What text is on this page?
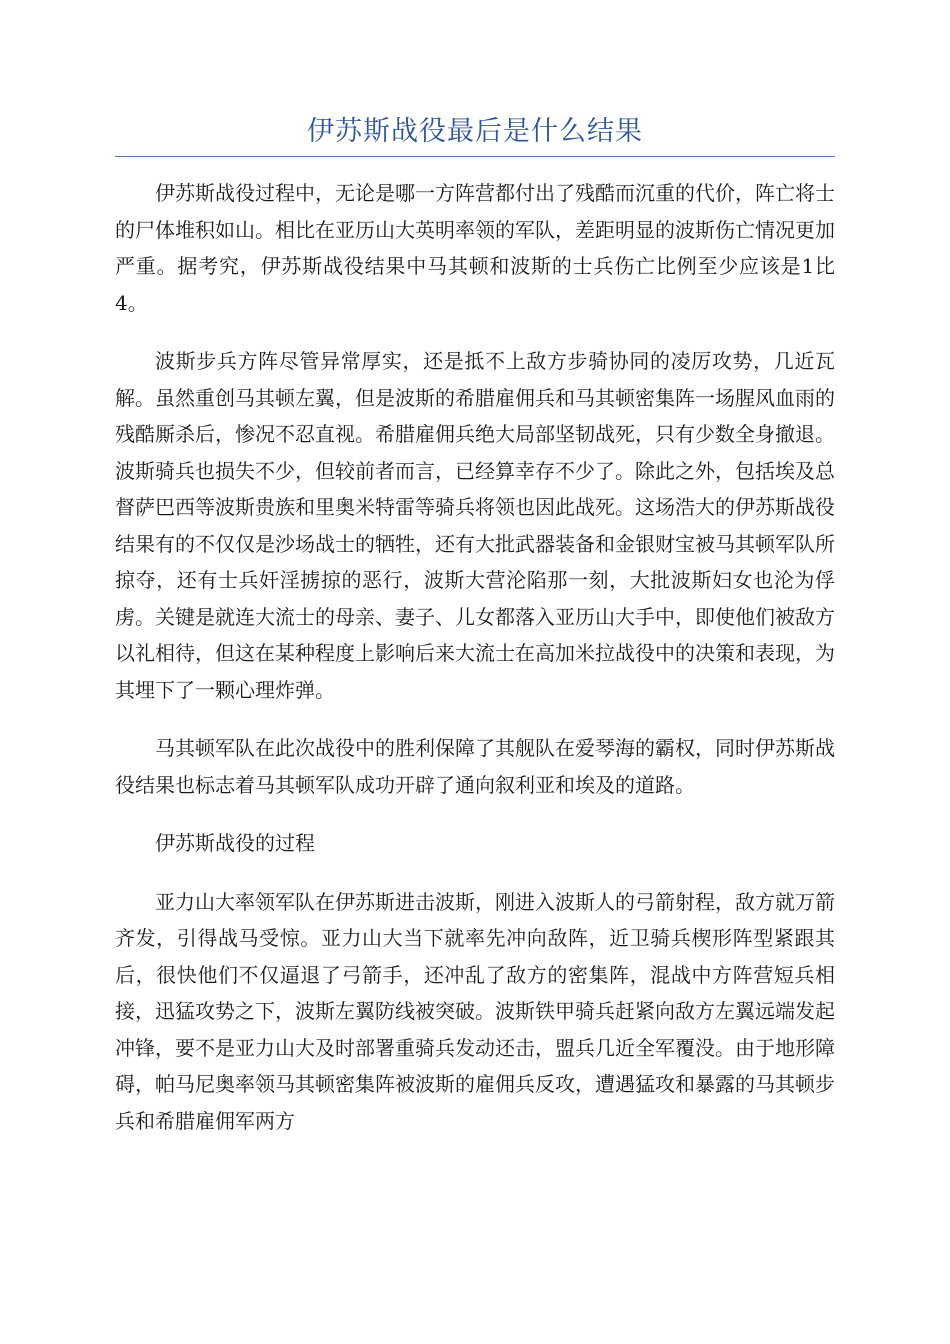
伊苏斯战役最后是什么结果

伊苏斯战役过程中，无论是哪一方阵营都付出了残酷而沉重的代价，阵亡将士的尸体堆积如山。相比在亚历山大英明率领的军队，差距明显的波斯伤亡情况更加严重。据考究，伊苏斯战役结果中马其顿和波斯的士兵伤亡比例至少应该是1比4。

波斯步兵方阵尽管异常厚实，还是抵不上敌方步骑协同的凌厉攻势，几近瓦解。虽然重创马其顿左翼，但是波斯的希腊雇佣兵和马其顿密集阵一场腥风血雨的残酷厮杀后，惨况不忍直视。希腊雇佣兵绝大局部坚韧战死，只有少数全身撤退。波斯骑兵也损失不少，但较前者而言，已经算幸存不少了。除此之外，包括埃及总督萨巴西等波斯贵族和里奥米特雷等骑兵将领也因此战死。这场浩大的伊苏斯战役结果有的不仅仅是沙场战士的牺牲，还有大批武器装备和金银财宝被马其顿军队所掠夺，还有士兵奸淫掳掠的恶行，波斯大营沦陷那一刻，大批波斯妇女也沦为俘虏。关键是就连大流士的母亲、妻子、儿女都落入亚历山大手中，即使他们被敌方以礼相待，但这在某种程度上影响后来大流士在高加米拉战役中的决策和表现，为其埋下了一颗心理炸弹。

马其顿军队在此次战役中的胜利保障了其舰队在爱琴海的霸权，同时伊苏斯战役结果也标志着马其顿军队成功开辟了通向叙利亚和埃及的道路。

伊苏斯战役的过程

亚力山大率领军队在伊苏斯进击波斯，刚进入波斯人的弓箭射程，敌方就万箭齐发，引得战马受惊。亚力山大当下就率先冲向敌阵，近卫骑兵楔形阵型紧跟其后，很快他们不仅逼退了弓箭手，还冲乱了敌方的密集阵，混战中方阵营短兵相接，迅猛攻势之下，波斯左翼防线被突破。波斯铁甲骑兵赶紧向敌方左翼远端发起冲锋，要不是亚力山大及时部署重骑兵发动还击，盟兵几近全军覆没。由于地形障碍，帕马尼奥率领马其顿密集阵被波斯的雇佣兵反攻，遭遇猛攻和暴露的马其顿步兵和希腊雇佣军两方
